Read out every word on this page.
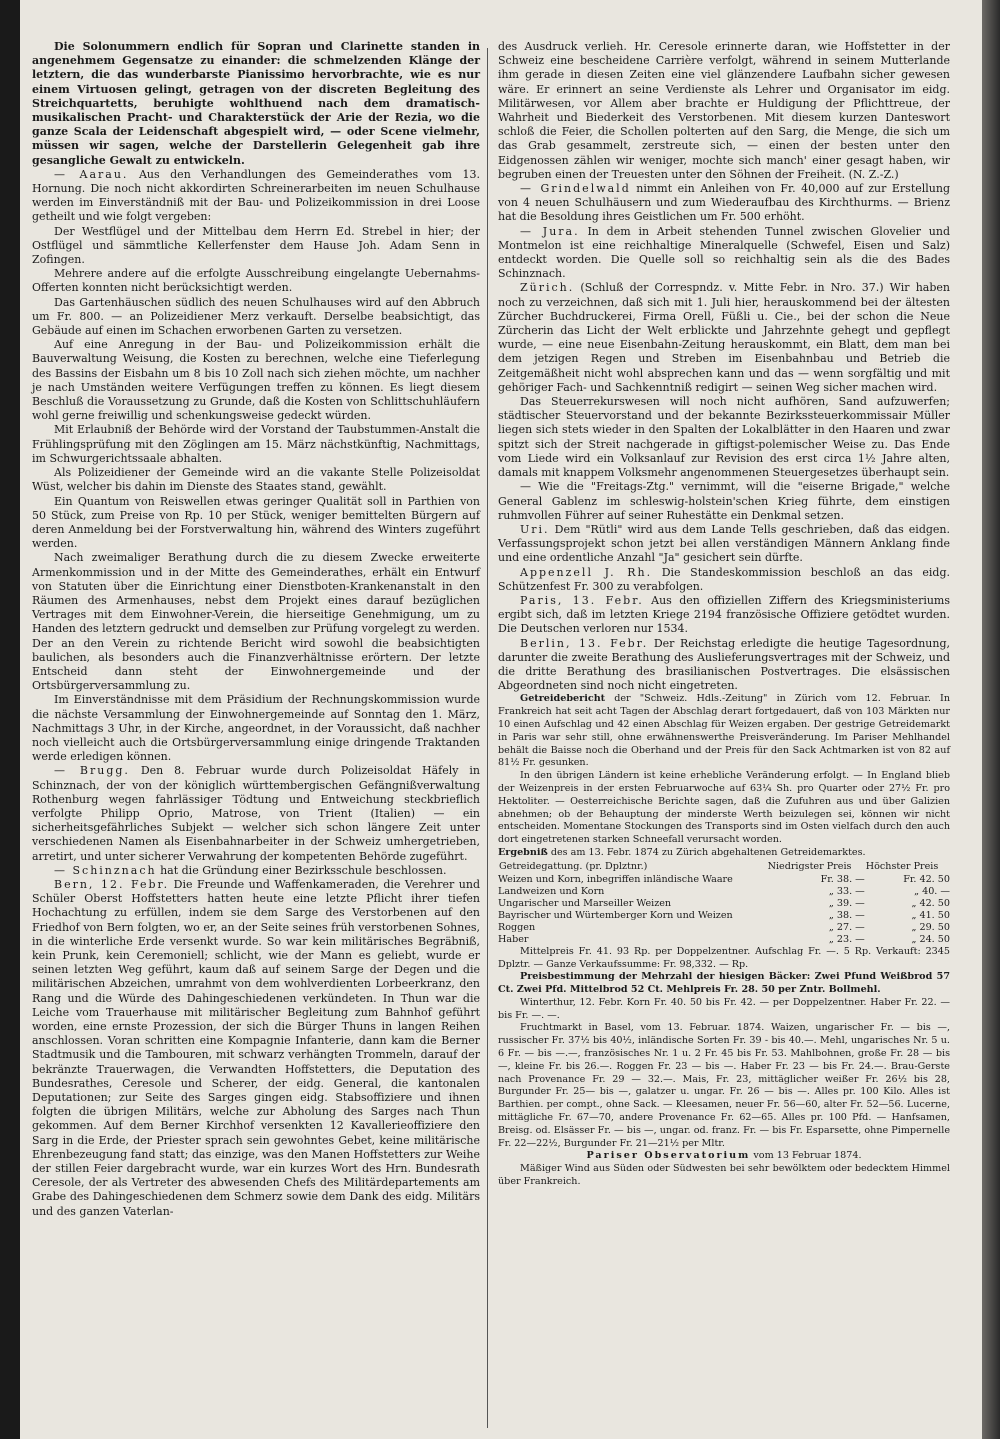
Die Solonummern endlich für Sopran und Clarinette standen in angenehmem Gegensatze zu einander: die schmelzenden Klänge der letztern, die das wunderbarste Pianissimo hervorbrachte, wie es nur einem Virtuosen gelingt, getragen von der discreten Begleitung des Streichquartetts, beruhigte wohlthuend nach dem dramatisch-musikalischen Pracht- und Charakterstück der Arie der Rezia, wo die ganze Scala der Leidenschaft abgespielt wird, — oder Scene vielmehr, müssen wir sagen, welche der Darstellerin Gelegenheit gab ihre gesangliche Gewalt zu entwickeln.

— Aarau. Aus den Verhandlungen des Gemeinderathes vom 13. Hornung. Die noch nicht akkordirten Schreinerarbeiten im neuen Schulhause werden im Einverständniß mit der Bau- und Polizeikommission in drei Loose getheilt und wie folgt vergeben:

Der Westflügel und der Mittelbau dem Herrn Ed. Strebel in hier; der Ostflügel und sämmtliche Kellerfenster dem Hause Joh. Adam Senn in Zofingen.

Mehrere andere auf die erfolgte Ausschreibung eingelangte Uebernahms-Offerten konnten nicht berücksichtigt werden.

Das Gartenhäuschen südlich des neuen Schulhauses wird auf den Abbruch um Fr. 800. — an Polizeidiener Merz verkauft. Derselbe beabsichtigt, das Gebäude auf einen im Schachen erworbenen Garten zu versetzen.

Auf eine Anregung in der Bau- und Polizeikommission erhält die Bauverwaltung Weisung, die Kosten zu berechnen, welche eine Tieferlegung des Bassins der Eisbahn um 8 bis 10 Zoll nach sich ziehen möchte, um nachher je nach Umständen weitere Verfügungen treffen zu können. Es liegt diesem Beschluß die Voraussetzung zu Grunde, daß die Kosten von Schlittschuhläufern wohl gerne freiwillig und schenkungsweise gedeckt würden.

Mit Erlaubniß der Behörde wird der Vorstand der Taubstummen-Anstalt die Frühlingsprüfung mit den Zöglingen am 15. März nächstkünftig, Nachmittags, im Schwurgerichtssaale abhalten.

Als Polizeidiener der Gemeinde wird an die vakante Stelle Polizeisoldat Wüst, welcher bis dahin im Dienste des Staates stand, gewählt.

Ein Quantum von Reiswellen etwas geringer Qualität soll in Parthien von 50 Stück, zum Preise von Rp. 10 per Stück, weniger bemittelten Bürgern auf deren Anmeldung bei der Forstverwaltung hin, während des Winters zugeführt werden.

Nach zweimaliger Berathung durch die zu diesem Zwecke erweiterte Armenkommission und in der Mitte des Gemeinderathes, erhält ein Entwurf von Statuten über die Einrichtung einer Dienstboten-Krankenanstalt in den Räumen des Armenhauses, nebst dem Projekt eines darauf bezüglichen Vertrages mit dem Einwohner-Verein, die hierseitige Genehmigung, um zu Handen des letztern gedruckt und demselben zur Prüfung vorgelegt zu werden. Der an den Verein zu richtende Bericht wird sowohl die beabsichtigten baulichen, als besonders auch die Finanzverhältnisse erörtern. Der letzte Entscheid dann steht der Einwohnergemeinde und der Ortsbürgerversammlung zu.

Im Einverständnisse mit dem Präsidium der Rechnungskommission wurde die nächste Versammlung der Einwohnergemeinde auf Sonntag den 1. März, Nachmittags 3 Uhr, in der Kirche, angeordnet, in der Voraussicht, daß nachher noch vielleicht auch die Ortsbürgerversammlung einige dringende Traktanden werde erledigen können.

— Brugg. Den 8. Februar wurde durch Polizeisoldat Häfely in Schinznach, der von der königlich württembergischen Gefängnißverwaltung Rothenburg wegen fahrlässiger Tödtung und Entweichung steckbrieflich verfolgte Philipp Oprio, Matrose, von Trient (Italien) — ein sicherheitsgefährliches Subjekt — welcher sich schon längere Zeit unter verschiedenen Namen als Eisenbahnarbeiter in der Schweiz umhergetrieben, arretirt, und unter sicherer Verwahrung der kompetenten Behörde zugeführt.

— Schinznach hat die Gründung einer Bezirksschule beschlossen.

Bern, 12. Febr. Die Freunde und Waffenkameraden, die Verehrer und Schüler Oberst Hoffstetters hatten heute eine letzte Pflicht ihrer tiefen Hochachtung zu erfüllen, indem sie dem Sarge des Verstorbenen auf den Friedhof von Bern folgten, wo er, an der Seite seines früh verstorbenen Sohnes, in die winterliche Erde versenkt wurde. So war kein militärisches Begräbniß, kein Prunk, kein Ceremoniell; schlicht, wie der Mann es geliebt, wurde er seinen letzten Weg geführt, kaum daß auf seinem Sarge der Degen und die militärischen Abzeichen, umrahmt von dem wohlverdienten Lorbeerkranz, den Rang und die Würde des Dahingeschiedenen verkündeten. In Thun war die Leiche vom Trauerhause mit militärischer Begleitung zum Bahnhof geführt worden, eine ernste Prozession, der sich die Bürger Thuns in langen Reihen anschlossen. Voran schritten eine Kompagnie Infanterie, dann kam die Berner Stadtmusik und die Tambouren, mit schwarz verhängten Trommeln, darauf der bekränzte Trauerwagen, die Verwandten Hoffstetters, die Deputation des Bundesrathes, Ceresole und Scherer, der eidg. General, die kantonalen Deputationen; zur Seite des Sarges gingen eidg. Stabsoffiziere und ihnen folgten die übrigen Militärs, welche zur Abholung des Sarges nach Thun gekommen. Auf dem Berner Kirchhof versenkten 12 Kavallerieoffiziere den Sarg in die Erde, der Priester sprach sein gewohntes Gebet, keine militärische Ehrenbezeugung fand statt; das einzige, was den Manen Hoffstetters zur Weihe der stillen Feier dargebracht wurde, war ein kurzes Wort des Hrn. Bundesrath Ceresole, der als Vertreter des abwesenden Chefs des Militärdepartements am Grabe des Dahingeschiedenen dem Schmerz sowie dem Dank des eidg. Militärs und des ganzen Vaterlan-

des Ausdruck verlieh. Hr. Ceresole erinnerte daran, wie Hoffstetter in der Schweiz eine bescheidene Carrière verfolgt, während in seinem Mutterlande ihm gerade in diesen Zeiten eine viel glänzendere Laufbahn sicher gewesen wäre. Er erinnert an seine Verdienste als Lehrer und Organisator im eidg. Militärwesen, vor Allem aber brachte er Huldigung der Pflichttreue, der Wahrheit und Biederkeit des Verstorbenen. Mit diesem kurzen Danteswort schloß die Feier, die Schollen polterten auf den Sarg, die Menge, die sich um das Grab gesammelt, zerstreute sich, — einen der besten unter den Eidgenossen zählen wir weniger, mochte sich manch' einer gesagt haben, wir begruben einen der Treuesten unter den Söhnen der Freiheit. (N. Z.-Z.)

— Grindelwald nimmt ein Anleihen von Fr. 40,000 auf zur Erstellung von 4 neuen Schulhäusern und zum Wiederaufbau des Kirchthurms. — Brienz hat die Besoldung ihres Geistlichen um Fr. 500 erhöht.

— Jura. In dem in Arbeit stehenden Tunnel zwischen Glovelier und Montmelon ist eine reichhaltige Mineralquelle (Schwefel, Eisen und Salz) entdeckt worden. Die Quelle soll so reichhaltig sein als die des Bades Schinznach.

Zürich. (Schluß der Correspndz. v. Mitte Febr. in Nro. 37.) Wir haben noch zu verzeichnen, daß sich mit 1. Juli hier, herauskommend bei der ältesten Zürcher Buchdruckerei, Firma Orell, Füßli u. Cie., bei der schon die Neue Zürcherin das Licht der Welt erblickte und Jahrzehnte gehegt und gepflegt wurde, — eine neue Eisenbahn-Zeitung herauskommt, ein Blatt, dem man bei dem jetzigen Regen und Streben im Eisenbahnbau und Betrieb die Zeitgemäßheit nicht wohl absprechen kann und das — wenn sorgfältig und mit gehöriger Fach- und Sachkenntniß redigirt — seinen Weg sicher machen wird.

Das Steuerrekurswesen will noch nicht aufhören, Sand aufzuwerfen; städtischer Steuervorstand und der bekannte Bezirkssteuerkommissair Müller liegen sich stets wieder in den Spalten der Lokalblätter in den Haaren und zwar spitzt sich der Streit nachgerade in giftigst-polemischer Weise zu. Das Ende vom Liede wird ein Volksanlauf zur Revision des erst circa 1½ Jahre alten, damals mit knappem Volksmehr angenommenen Steuergesetzes überhaupt sein.

— Wie die "Freitags-Ztg." vernimmt, will die "eiserne Brigade," welche General Gablenz im schleswig-holstein'schen Krieg führte, dem einstigen ruhmvollen Führer auf seiner Ruhestätte ein Denkmal setzen.

Uri. Dem "Rütli" wird aus dem Lande Tells geschrieben, daß das eidgen. Verfassungsprojekt schon jetzt bei allen verständigen Männern Anklang finde und eine ordentliche Anzahl "Ja" gesichert sein dürfte.

Appenzell J. Rh. Die Standeskommission beschloß an das eidg. Schützenfest Fr. 300 zu verabfolgen.

Paris, 13. Febr. Aus den offiziellen Ziffern des Kriegsministeriums ergibt sich, daß im letzten Kriege 2194 französische Offiziere getödtet wurden. Die Deutschen verloren nur 1534.

Berlin, 13. Febr. Der Reichstag erledigte die heutige Tagesordnung, darunter die zweite Berathung des Auslieferungsvertrages mit der Schweiz, und die dritte Berathung des brasilianischen Postvertrages. Die elsässischen Abgeordneten sind noch nicht eingetreten.

Getreidebericht der "Schweiz. Hdls.-Zeitung" in Zürich vom 12. Februar. In Frankreich hat seit acht Tagen der Abschlag derart fortgedauert, daß von 103 Märkten nur 10 einen Aufschlag und 42 einen Abschlag für Weizen ergaben. Der gestrige Getreidemarkt in Paris war sehr still, ohne erwähnenswerthe Preisveränderung. Im Pariser Mehlhandel behält die Baisse noch die Oberhand und der Preis für den Sack Achtmarken ist von 82 auf 81½ Fr. gesunken.

In den übrigen Ländern ist keine erhebliche Veränderung erfolgt. — In England blieb der Weizenpreis in der ersten Februarwoche auf 63¼ Sh. pro Quarter oder 27½ Fr. pro Hektoliter. — Oesterreichische Berichte sagen, daß die Zufuhren aus und über Galizien abnehmen; ob der Behauptung der minderste Werth beizulegen sei, können wir nicht entscheiden. Momentane Stockungen des Transports sind im Osten vielfach durch den auch dort eingetretenen starken Schneefall verursacht worden.

Ergebniß des am 13. Febr. 1874 zu Zürich abgehaltenen Getreidemarktes.

Getreidegattung. (pr. Dplztnr.)	Niedrigster Preis	Höchster Preis
Weizen und Korn, inbegriffen inländische Waare	Fr. 38. —	Fr. 42. 50
Landweizen und Korn	„ 33. —	„ 40. —
Ungarischer und Marseiller Weizen	„ 39. —	„ 42. 50
Bayrischer und Würtemberger Korn und Weizen	„ 38. —	„ 41. 50
Roggen	„ 27. —	„ 29. 50
Haber	„ 23. —	„ 24. 50

Mittelpreis Fr. 41. 93 Rp. per Doppelzentner. Aufschlag Fr. —. 5 Rp. Verkauft: 2345 Dplztr. — Ganze Verkaufssumme: Fr. 98,332. — Rp.

Preisbestimmung der Mehrzahl der hiesigen Bäcker: Zwei Pfund Weißbrod 57 Ct. Zwei Pfd. Mittelbrod 52 Ct. Mehlpreis Fr. 28. 50 per Zntr. Bollmehl.

Winterthur, 12. Febr. Korn Fr. 40. 50 bis Fr. 42. — per Doppelzentner. Haber Fr. 22. — bis Fr. —. —.

Fruchtmarkt in Basel, vom 13. Februar. 1874. Waizen, ungarischer Fr. — bis —, russischer Fr. 37½ bis 40½, inländische Sorten Fr. 39 - bis 40.—. Mehl, ungarisches Nr. 5 u. 6 Fr. — bis —.—, französisches Nr. 1 u. 2 Fr. 45 bis Fr. 53. Mahlbohnen, große Fr. 28 — bis —, kleine Fr. bis 26.—. Roggen Fr. 23 — bis —. Haber Fr. 23 — bis Fr. 24.—. Brau-Gerste nach Provenance Fr. 29 — 32.—. Mais, Fr. 23, mittäglicher weißer Fr. 26½ bis 28, Burgunder Fr. 25— bis —, galatzer u. ungar. Fr. 26 — bis —. Alles pr. 100 Kilo. Alles ist Barthien. per compt., ohne Sack. — Kleesamen, neuer Fr. 56—60, alter Fr. 52—56. Lucerne, mittägliche Fr. 67—70, andere Provenance Fr. 62—65. Alles pr. 100 Pfd. — Hanfsamen, Breisg. od. Elsässer Fr. — bis —, ungar. od. franz. Fr. — bis Fr. Esparsette, ohne Pimpernelle Fr. 22—22½, Burgunder Fr. 21—21½ per Mltr.

Pariser Observatorium vom 13 Februar 1874.

Mäßiger Wind aus Süden oder Südwesten bei sehr bewölktem oder bedecktem Himmel über Frankreich.
